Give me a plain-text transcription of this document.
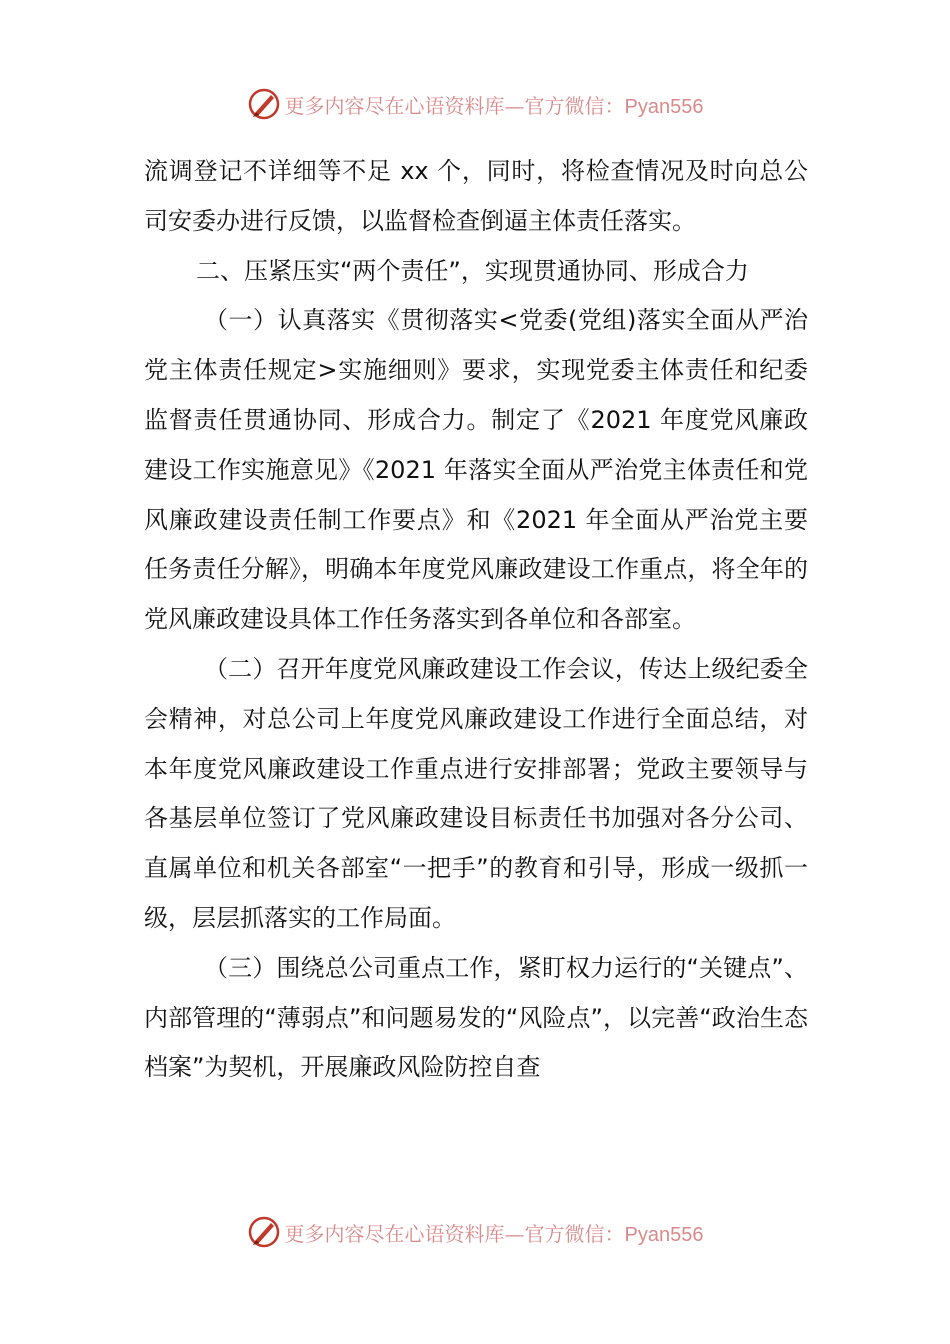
更多内容尽在心语资料库—官方微信：Pyan556

流调登记不详细等不足 xx 个，同时，将检查情况及时向总公司安委办进行反馈，以监督检查倒逼主体责任落实。

二、压紧压实“两个责任”，实现贯通协同、形成合力

（一）认真落实《贯彻落实<党委(党组)落实全面从严治党主体责任规定>实施细则》要求，实现党委主体责任和纪委监督责任贯通协同、形成合力。制定了《2021 年度党风廉政建设工作实施意见》《2021 年落实全面从严治党主体责任和党风廉政建设责任制工作要点》和《2021 年全面从严治党主要任务责任分解》，明确本年度党风廉政建设工作重点，将全年的党风廉政建设具体工作任务落实到各单位和各部室。

（二）召开年度党风廉政建设工作会议，传达上级纪委全会精神，对总公司上年度党风廉政建设工作进行全面总结，对本年度党风廉政建设工作重点进行安排部署；党政主要领导与各基层单位签订了党风廉政建设目标责任书加强对各分公司、直属单位和机关各部室“一把手”的教育和引导，形成一级抓一级，层层抓落实的工作局面。

（三）围绕总公司重点工作，紧盯权力运行的“关键点”、内部管理的“薄弱点”和问题易发的“风险点”，以完善“政治生态档案”为契机，开展廉政风险防控自查

更多内容尽在心语资料库—官方微信：Pyan556
